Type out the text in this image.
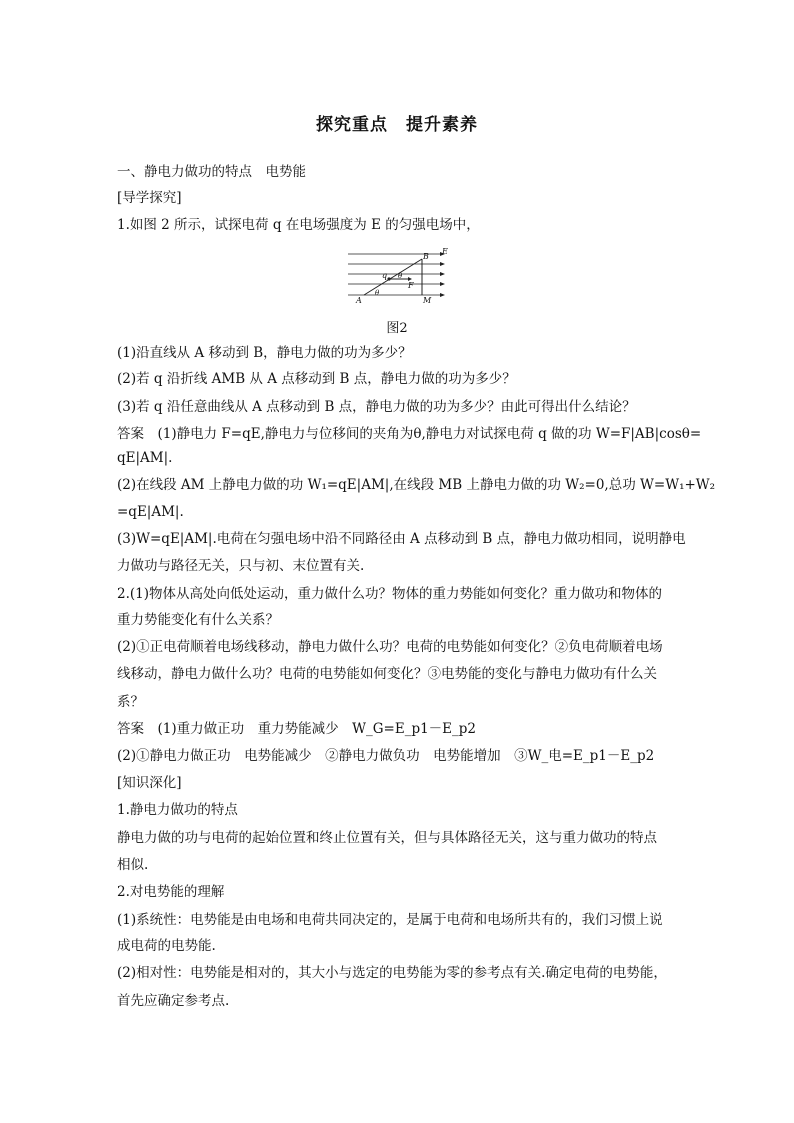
探究重点　提升素养
一、静电力做功的特点　电势能
[导学探究]
1.如图 2 所示，试探电荷 q 在电场强度为 E 的匀强电场中，
E
B
q
F
A	M
θ
θ
图2
(1)沿直线从 A 移动到 B，静电力做的功为多少？
(2)若 q 沿折线 AMB 从 A 点移动到 B 点，静电力做的功为多少？
(3)若 q 沿任意曲线从 A 点移动到 B 点，静电力做的功为多少？由此可得出什么结论？
答案　(1)静电力 F=qE,静电力与位移间的夹角为θ,静电力对试探电荷 q 做的功 W=F|AB|cosθ=
qE|AM|.
(2)在线段 AM 上静电力做的功 W₁=qE|AM|,在线段 MB 上静电力做的功 W₂=0,总功 W=W₁+W₂
=qE|AM|.
(3)W=qE|AM|.电荷在匀强电场中沿不同路径由 A 点移动到 B 点，静电力做功相同，说明静电
力做功与路径无关，只与初、末位置有关.
2.(1)物体从高处向低处运动，重力做什么功？物体的重力势能如何变化？重力做功和物体的
重力势能变化有什么关系？
(2)①正电荷顺着电场线移动，静电力做什么功？电荷的电势能如何变化？②负电荷顺着电场
线移动，静电力做什么功？电荷的电势能如何变化？③电势能的变化与静电力做功有什么关
系？
答案　(1)重力做正功　重力势能减少　W_G=E_p1－E_p2
(2)①静电力做正功　电势能减少　②静电力做负功　电势能增加　③W_电=E_p1－E_p2
[知识深化]
1.静电力做功的特点
静电力做的功与电荷的起始位置和终止位置有关，但与具体路径无关，这与重力做功的特点
相似.
2.对电势能的理解
(1)系统性：电势能是由电场和电荷共同决定的，是属于电荷和电场所共有的，我们习惯上说
成电荷的电势能.
(2)相对性：电势能是相对的，其大小与选定的电势能为零的参考点有关.确定电荷的电势能，
首先应确定参考点.
